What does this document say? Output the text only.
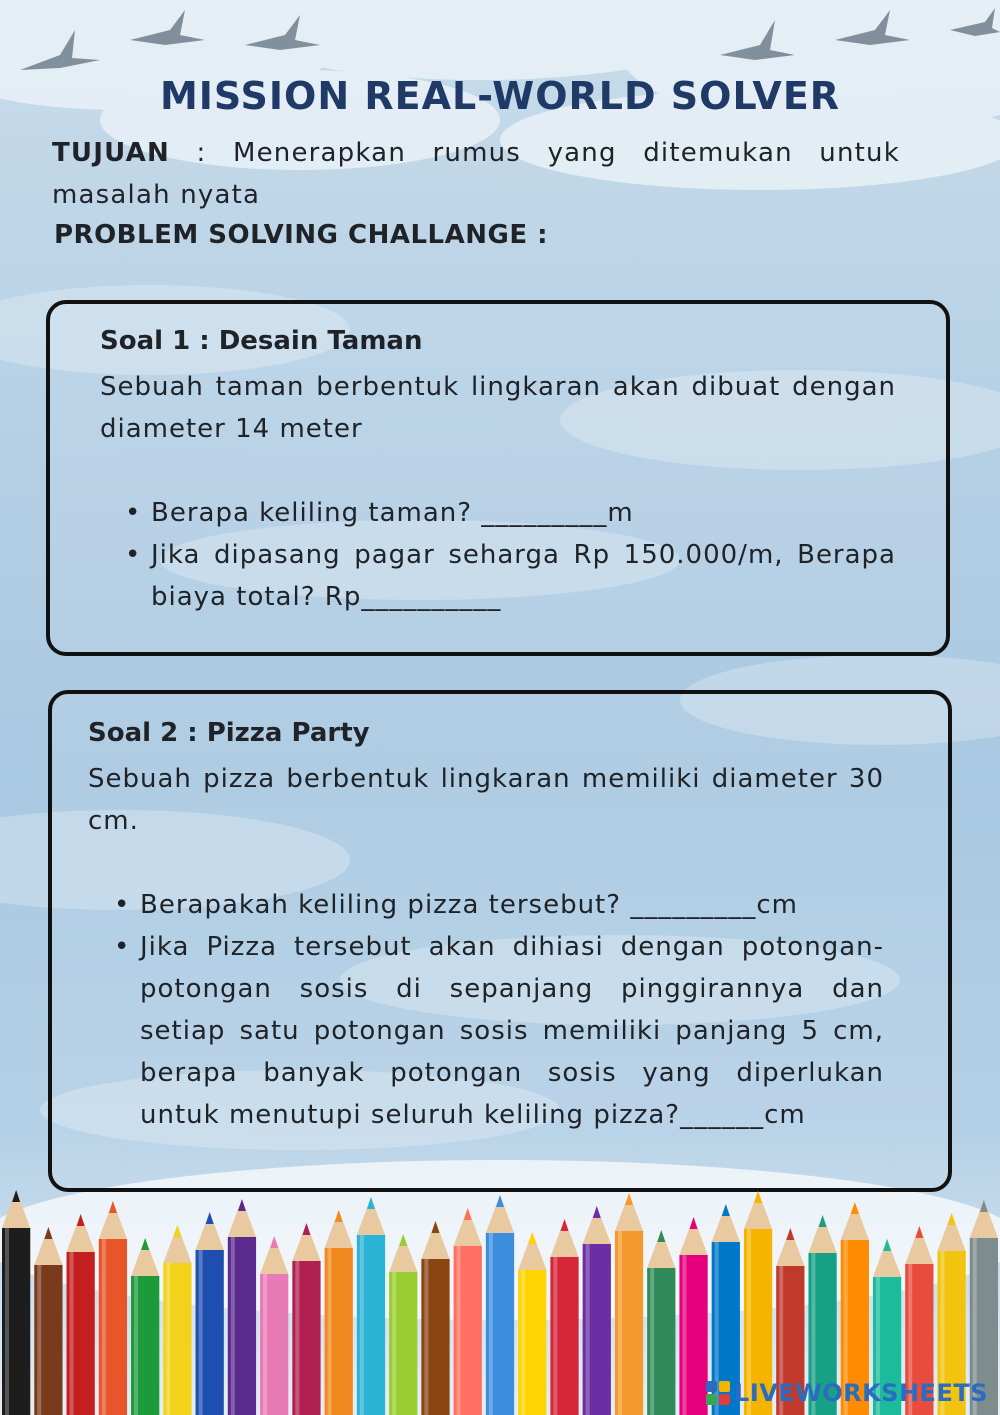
MISSION REAL-WORLD SOLVER
TUJUAN : Menerapkan rumus yang ditemukan untuk masalah nyata
PROBLEM SOLVING CHALLANGE :
Soal 1 : Desain Taman
Sebuah taman berbentuk lingkaran akan dibuat dengan diameter 14 meter
• Berapa keliling taman? _________m
• Jika dipasang pagar seharga Rp 150.000/m, Berapa biaya total? Rp__________
Soal 2 : Pizza Party
Sebuah pizza berbentuk lingkaran memiliki diameter 30 cm.
• Berapakah keliling pizza tersebut? _________cm
• Jika Pizza tersebut akan dihiasi dengan potongan-potongan sosis di sepanjang pinggirannya dan setiap satu potongan sosis memiliki panjang 5 cm, berapa banyak potongan sosis yang diperlukan untuk menutupi seluruh keliling pizza?______cm
LIVEWORKSHEETS
